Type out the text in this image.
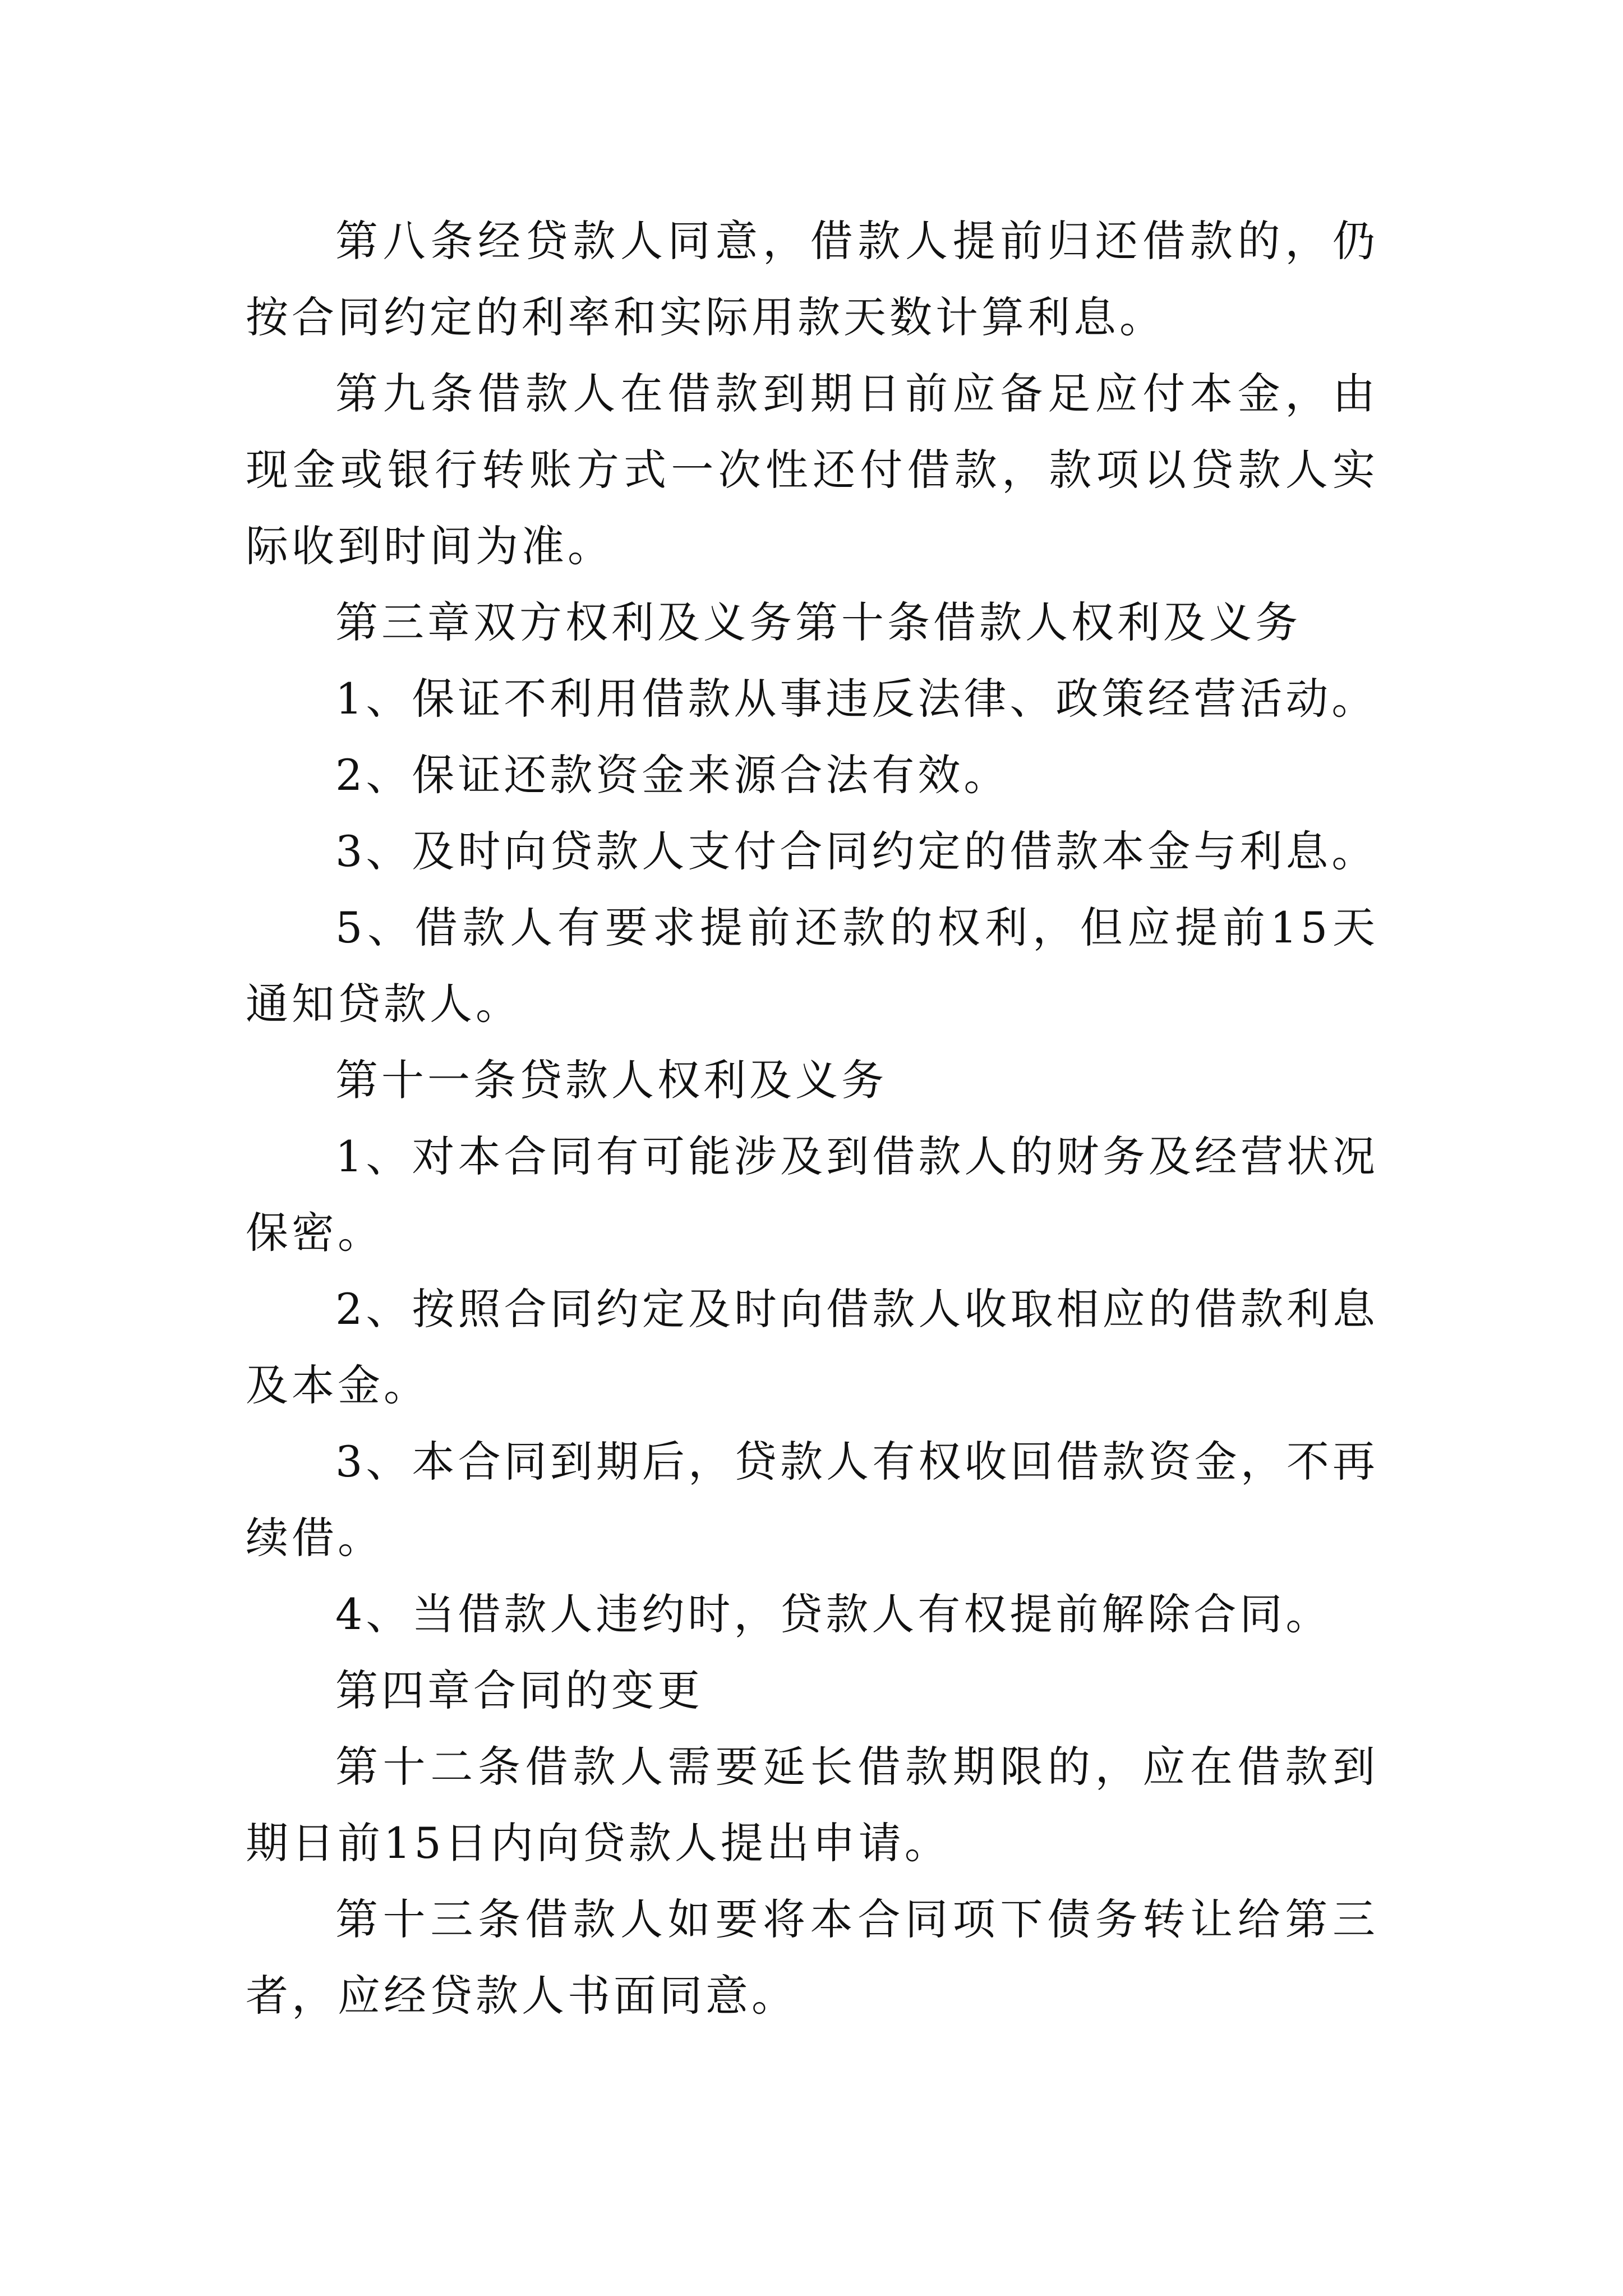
第八条经贷款人同意，借款人提前归还借款的，仍按合同约定的利率和实际用款天数计算利息。

第九条借款人在借款到期日前应备足应付本金，由现金或银行转账方式一次性还付借款，款项以贷款人实际收到时间为准。

第三章双方权利及义务第十条借款人权利及义务

1、保证不利用借款从事违反法律、政策经营活动。

2、保证还款资金来源合法有效。

3、及时向贷款人支付合同约定的借款本金与利息。

5、借款人有要求提前还款的权利，但应提前15天通知贷款人。

第十一条贷款人权利及义务

1、对本合同有可能涉及到借款人的财务及经营状况保密。

2、按照合同约定及时向借款人收取相应的借款利息及本金。

3、本合同到期后，贷款人有权收回借款资金，不再续借。

4、当借款人违约时，贷款人有权提前解除合同。

第四章合同的变更

第十二条借款人需要延长借款期限的，应在借款到期日前15日内向贷款人提出申请。

第十三条借款人如要将本合同项下债务转让给第三者，应经贷款人书面同意。
